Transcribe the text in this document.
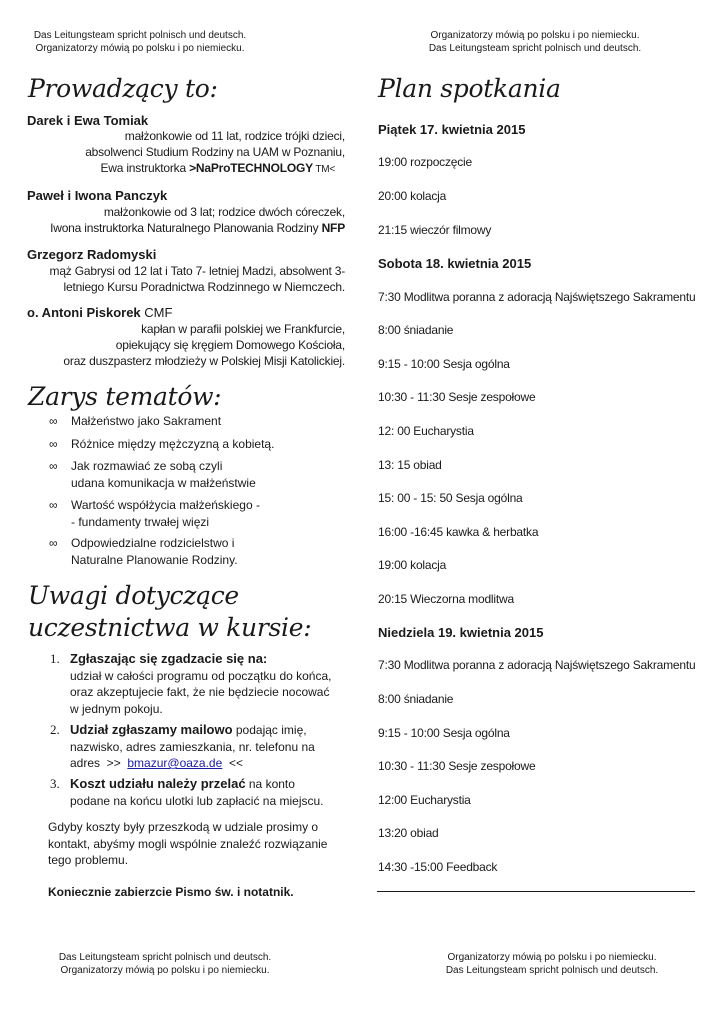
Das Leitungsteam spricht polnisch und deutsch.
Organizatorzy mówią po polsku i po niemiecku.
Organizatorzy mówią po polsku i po niemiecku.
Das Leitungsteam spricht polnisch und deutsch.
Prowadzący to:
Darek i Ewa Tomiak
małżonkowie od 11 lat, rodzice trójki dzieci,
absolwenci Studium Rodziny na UAM w Poznaniu,
Ewa instruktorka >NaProTECHNOLOGY TM<
Paweł i Iwona Panczyk
małżonkowie od 3 lat; rodzice dwóch córeczek,
Iwona instruktorka Naturalnego Planowania Rodziny NFP
Grzegorz Radomyski
mąż Gabrysi od 12 lat i Tato 7- letniej Madzi, absolwent 3-
letniego Kursu Poradnictwa Rodzinnego w Niemczech.
o. Antoni Piskorek CMF
kapłan w parafii polskiej we Frankfurcie,
opiekujący się kręgiem Domowego Kościoła,
oraz duszpasterz młodzieży w Polskiej Misji Katolickiej.
Zarys tematów:
∞ Małżeństwo jako Sakrament
∞ Różnice między mężczyzną a kobietą.
∞ Jak rozmawiać ze sobą czyli
udana komunikacja w małżeństwie
∞ Wartość współżycia małżeńskiego -
- fundamenty trwałej więzi
∞ Odpowiedzialne rodzicielstwo i
Naturalne Planowanie Rodziny.
Uwagi dotyczące
uczestnictwa w kursie:
1. Zgłaszając się zgadzacie się na:
udział w całości programu od początku do końca,
oraz akzeptujecie fakt, że nie będziecie nocować
w jednym pokoju.
2. Udział zgłaszamy mailowo podając imię,
nazwisko, adres zamieszkania, nr. telefonu na
adres  >>  bmazur@oaza.de  <<
3. Koszt udziału należy przelać na konto
podane na końcu ulotki lub zapłacić na miejscu.
Gdyby koszty były przeszkodą w udziale prosimy o
kontakt, abyśmy mogli wspólnie znaleźć rozwiązanie
tego problemu.
Koniecznie zabierzcie Pismo św. i notatnik.
Plan spotkania
Piątek 17. kwietnia 2015
19:00 rozpoczęcie
20:00 kolacja
21:15 wieczór filmowy
Sobota 18. kwietnia 2015
7:30 Modlitwa poranna z adoracją Najświętszego Sakramentu
8:00 śniadanie
9:15 - 10:00 Sesja ogólna
10:30 - 11:30 Sesje zespołowe
12: 00 Eucharystia
13: 15 obiad
15: 00 - 15: 50 Sesja ogólna
16:00 -16:45 kawka & herbatka
19:00 kolacja
20:15 Wieczorna modlitwa
Niedziela 19. kwietnia 2015
7:30 Modlitwa poranna z adoracją Najświętszego Sakramentu
8:00 śniadanie
9:15 - 10:00 Sesja ogólna
10:30 - 11:30 Sesje zespołowe
12:00 Eucharystia
13:20 obiad
14:30 -15:00 Feedback
Das Leitungsteam spricht polnisch und deutsch.
Organizatorzy mówią po polsku i po niemiecku.
Organizatorzy mówią po polsku i po niemiecku.
Das Leitungsteam spricht polnisch und deutsch.
